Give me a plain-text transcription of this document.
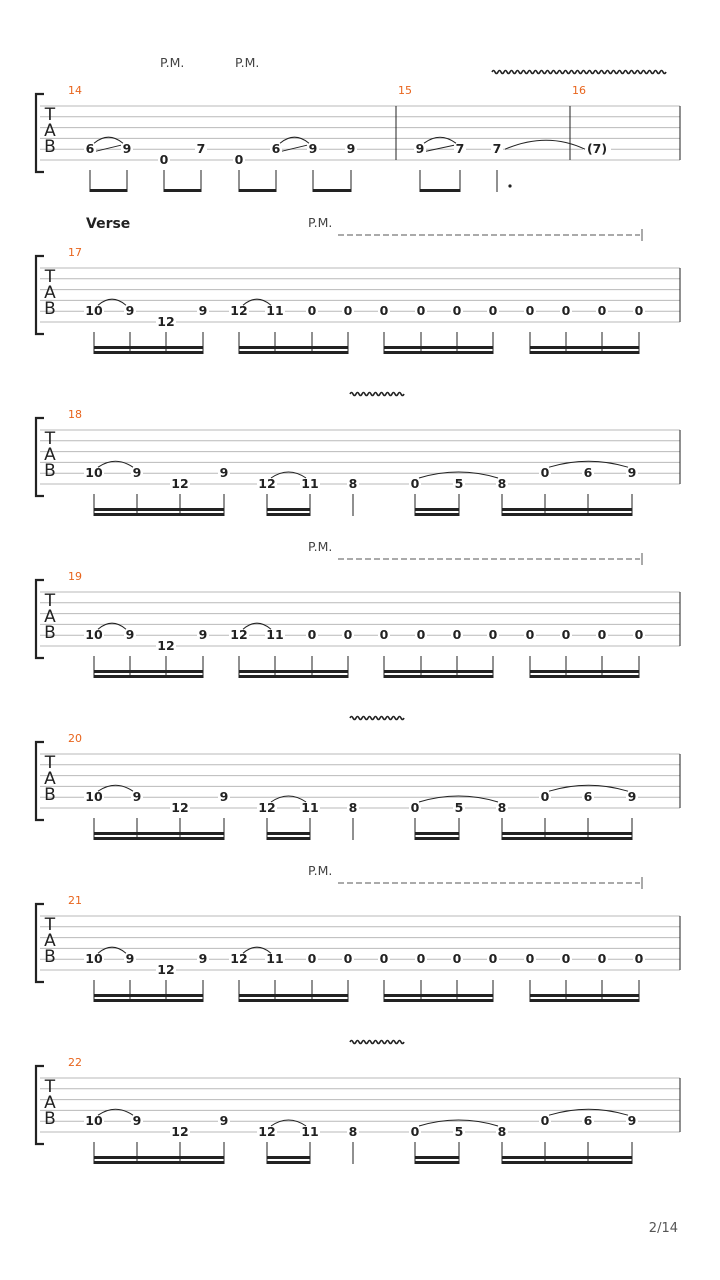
T
A
B
14	15	16
6 9
0
7
0
6 9 9	9	7 7	(7)
P.M.	P.M.
T
A
B
17
10 9
12
9 12 11 0 0 0 0 0 0 0 0 0 0
Verse	P.M.
T
A
B
18
10 9
12
9
12 11 8	0	5	8
0	6	9
T
A
B
19
10 9
12
9 12 11 0 0 0 0 0 0 0 0 0 0
P.M.
T
A
B
20
10 9
12
9
12 11 8	0	5	8
0	6	9
T
A
B
21
10 9
12
9 12 11 0 0 0 0 0 0 0 0 0 0
P.M.
T
A
B
22
10 9
12
9
12 11 8	0	5	8
0	6	9
2/14
